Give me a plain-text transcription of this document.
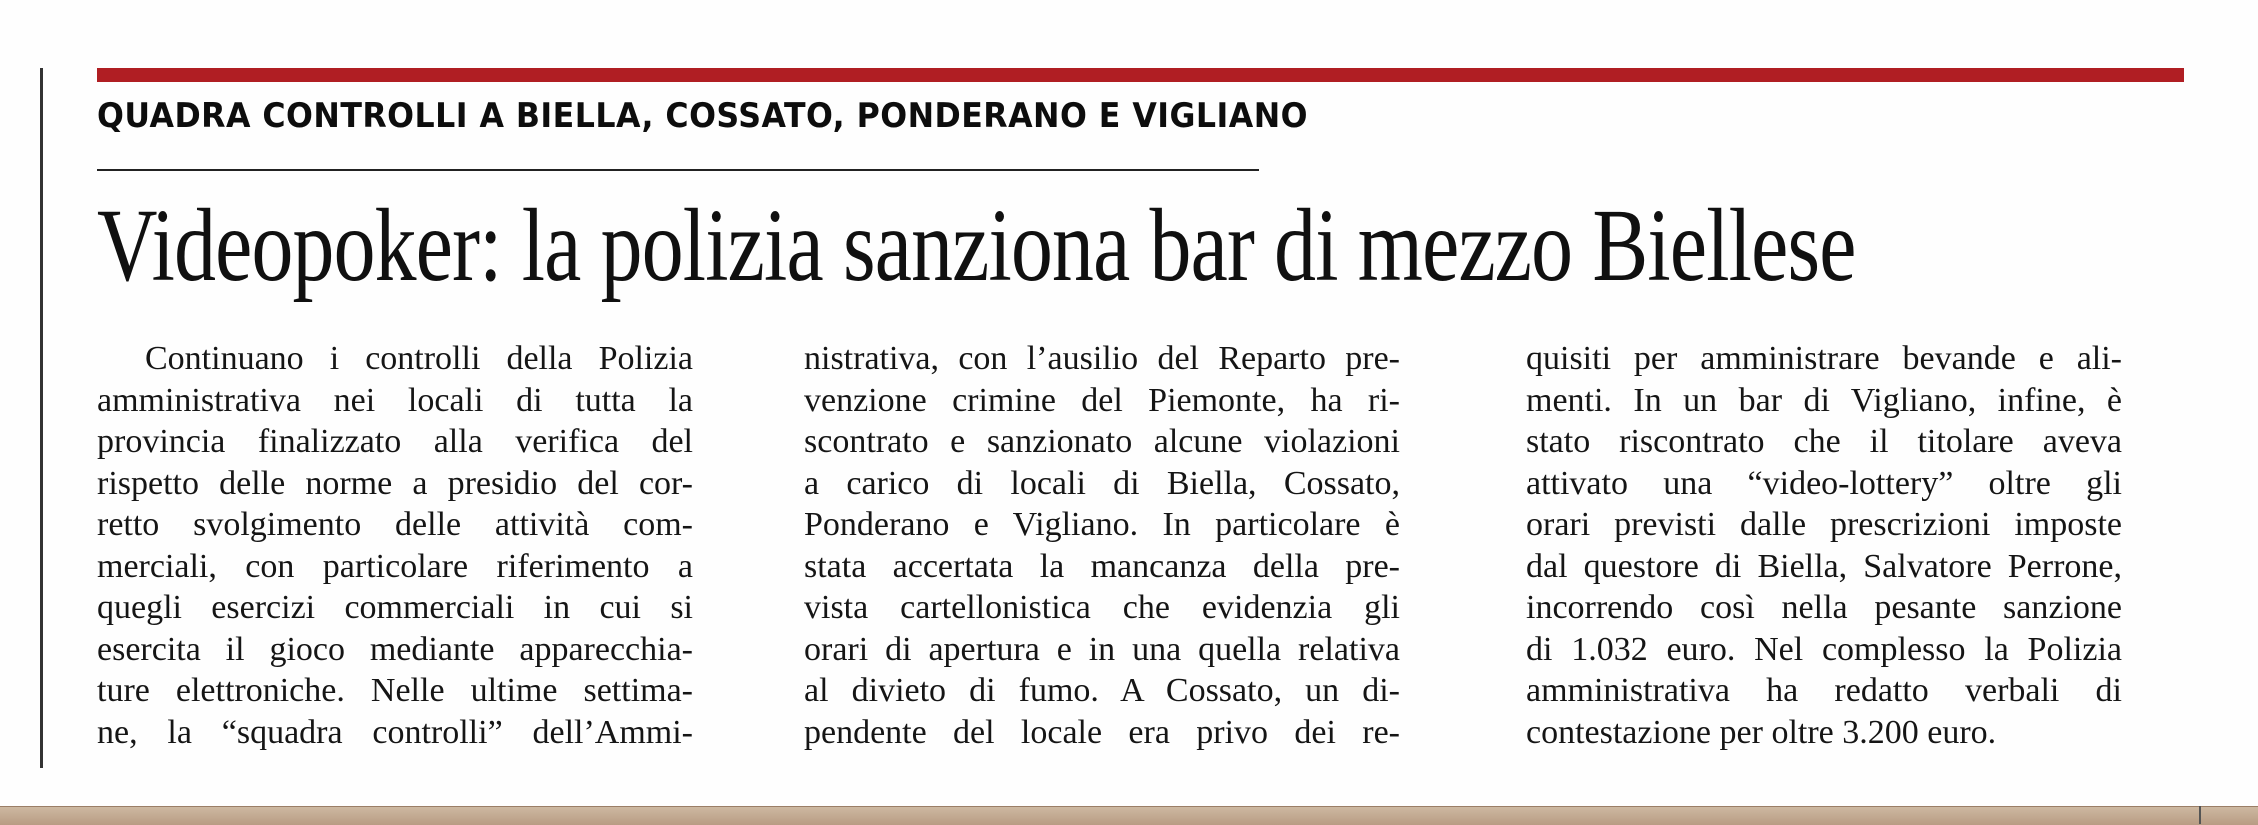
QUADRA CONTROLLI A BIELLA, COSSATO, PONDERANO E VIGLIANO
Videopoker: la polizia sanziona bar di mezzo Biellese
Continuano i controlli della Polizia
amministrativa nei locali di tutta la
provincia finalizzato alla verifica del
rispetto delle norme a presidio del cor-
retto svolgimento delle attività com-
merciali, con particolare riferimento a
quegli esercizi commerciali in cui si
esercita il gioco mediante apparecchia-
ture elettroniche. Nelle ultime settima-
ne, la “squadra controlli” dell’Ammi-
nistrativa, con l’ausilio del Reparto pre-
venzione crimine del Piemonte, ha ri-
scontrato e sanzionato alcune violazioni
a carico di locali di Biella, Cossato,
Ponderano e Vigliano. In particolare è
stata accertata la mancanza della pre-
vista cartellonistica che evidenzia gli
orari di apertura e in una quella relativa
al divieto di fumo. A Cossato, un di-
pendente del locale era privo dei re-
quisiti per amministrare bevande e ali-
menti. In un bar di Vigliano, infine, è
stato riscontrato che il titolare aveva
attivato una “video-lottery” oltre gli
orari previsti dalle prescrizioni imposte
dal questore di Biella, Salvatore Perrone,
incorrendo così nella pesante sanzione
di 1.032 euro. Nel complesso la Polizia
amministrativa ha redatto verbali di
contestazione per oltre 3.200 euro.
